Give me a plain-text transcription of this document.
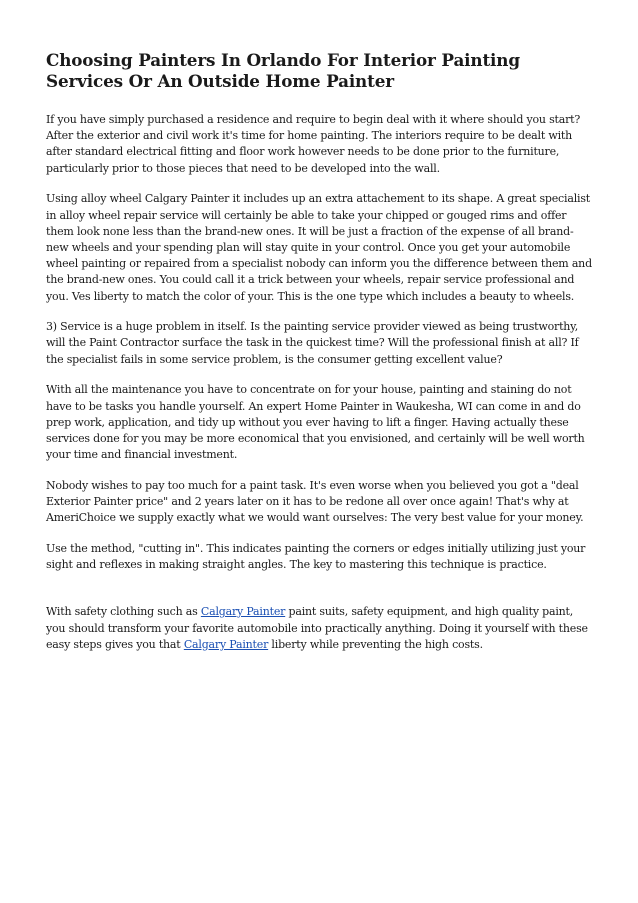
Choosing Painters In Orlando For Interior Painting Services Or An Outside Home Painter

If you have simply purchased a residence and require to begin deal with it where should you start? After the exterior and civil work it's time for home painting. The interiors require to be dealt with after standard electrical fitting and floor work however needs to be done prior to the furniture, particularly prior to those pieces that need to be developed into the wall.

Using alloy wheel Calgary Painter it includes up an extra attachement to its shape. A great specialist in alloy wheel repair service will certainly be able to take your chipped or gouged rims and offer them look none less than the brand-new ones. It will be just a fraction of the expense of all brand-new wheels and your spending plan will stay quite in your control. Once you get your automobile wheel painting or repaired from a specialist nobody can inform you the difference between them and the brand-new ones. You could call it a trick between your wheels, repair service professional and you. Ves liberty to match the color of your. This is the one type which includes a beauty to wheels.

3) Service is a huge problem in itself. Is the painting service provider viewed as being trustworthy, will the Paint Contractor surface the task in the quickest time? Will the professional finish at all? If the specialist fails in some service problem, is the consumer getting excellent value?

With all the maintenance you have to concentrate on for your house, painting and staining do not have to be tasks you handle yourself. An expert Home Painter in Waukesha, WI can come in and do prep work, application, and tidy up without you ever having to lift a finger. Having actually these services done for you may be more economical that you envisioned, and certainly will be well worth your time and financial investment.

Nobody wishes to pay too much for a paint task. It's even worse when you believed you got a "deal Exterior Painter price" and 2 years later on it has to be redone all over once again! That's why at AmeriChoice we supply exactly what we would want ourselves: The very best value for your money.

Use the method, "cutting in". This indicates painting the corners or edges initially utilizing just your sight and reflexes in making straight angles. The key to mastering this technique is practice.

With safety clothing such as Calgary Painter paint suits, safety equipment, and high quality paint, you should transform your favorite automobile into practically anything. Doing it yourself with these easy steps gives you that Calgary Painter liberty while preventing the high costs.
